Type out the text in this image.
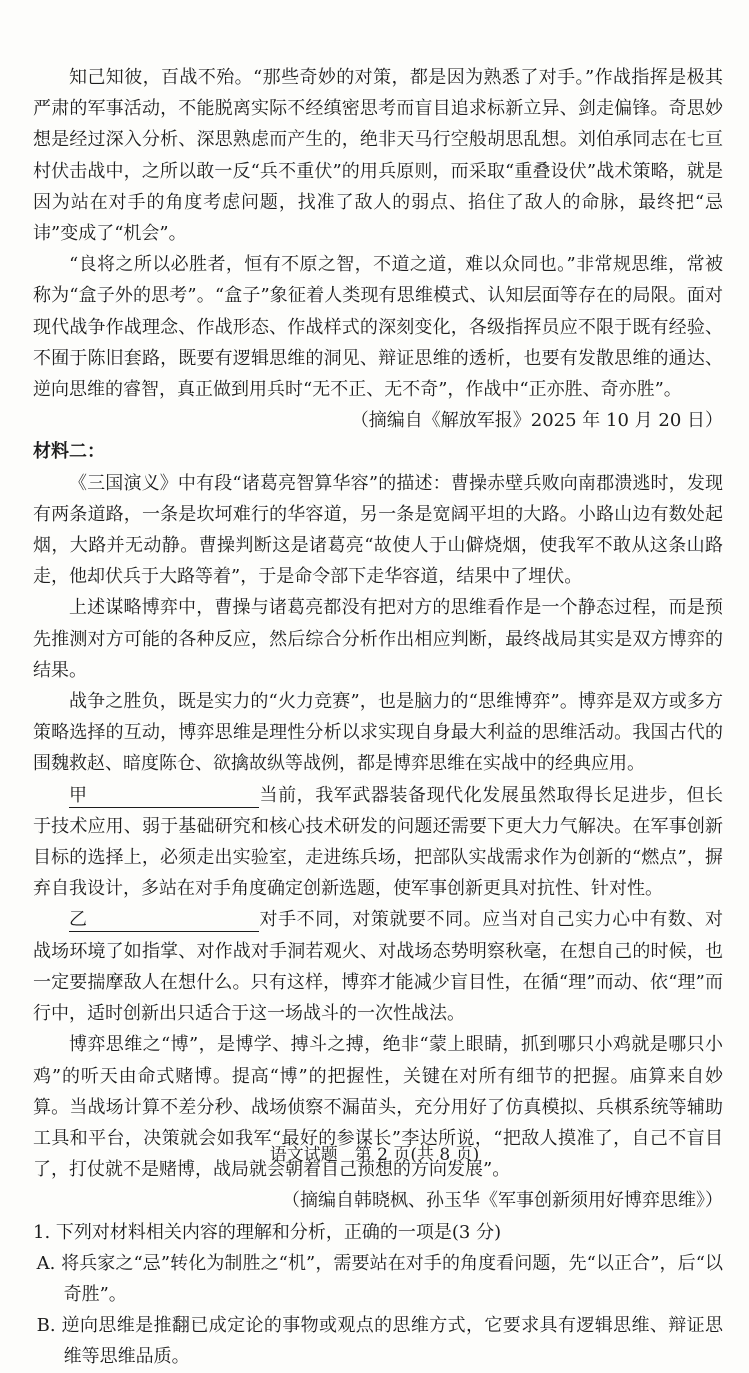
知己知彼，百战不殆。“那些奇妙的对策，都是因为熟悉了对手。”作战指挥是极其严肃的军事活动，不能脱离实际不经缜密思考而盲目追求标新立异、剑走偏锋。奇思妙想是经过深入分析、深思熟虑而产生的，绝非天马行空般胡思乱想。刘伯承同志在七亘村伏击战中，之所以敢一反“兵不重伏”的用兵原则，而采取“重叠设伏”战术策略，就是因为站在对手的角度考虑问题，找准了敌人的弱点、掐住了敌人的命脉，最终把“忌讳”变成了“机会”。

“良将之所以必胜者，恒有不原之智，不道之道，难以众同也。”非常规思维，常被称为“盒子外的思考”。“盒子”象征着人类现有思维模式、认知层面等存在的局限。面对现代战争作战理念、作战形态、作战样式的深刻变化，各级指挥员应不限于既有经验、不囿于陈旧套路，既要有逻辑思维的洞见、辩证思维的透析，也要有发散思维的通达、逆向思维的睿智，真正做到用兵时“无不正、无不奇”，作战中“正亦胜、奇亦胜”。

（摘编自《解放军报》2025 年 10 月 20 日）

材料二：

《三国演义》中有段“诸葛亮智算华容”的描述：曹操赤壁兵败向南郡溃逃时，发现有两条道路，一条是坎坷难行的华容道，另一条是宽阔平坦的大路。小路山边有数处起烟，大路并无动静。曹操判断这是诸葛亮“故使人于山僻烧烟，使我军不敢从这条山路走，他却伏兵于大路等着”，于是命令部下走华容道，结果中了埋伏。

上述谋略博弈中，曹操与诸葛亮都没有把对方的思维看作是一个静态过程，而是预先推测对方可能的各种反应，然后综合分析作出相应判断，最终战局其实是双方博弈的结果。

战争之胜负，既是实力的“火力竞赛”，也是脑力的“思维博弈”。博弈是双方或多方策略选择的互动，博弈思维是理性分析以求实现自身最大利益的思维活动。我国古代的围魏救赵、暗度陈仓、欲擒故纵等战例，都是博弈思维在实战中的经典应用。

甲	当前，我军武器装备现代化发展虽然取得长足进步，但长于技术应用、弱于基础研究和核心技术研发的问题还需要下更大力气解决。在军事创新目标的选择上，必须走出实验室，走进练兵场，把部队实战需求作为创新的“燃点”，摒弃自我设计，多站在对手角度确定创新选题，使军事创新更具对抗性、针对性。

乙	对手不同，对策就要不同。应当对自己实力心中有数、对战场环境了如指掌、对作战对手洞若观火、对战场态势明察秋毫，在想自己的时候，也一定要揣摩敌人在想什么。只有这样，博弈才能减少盲目性，在循“理”而动、依“理”而行中，适时创新出只适合于这一场战斗的一次性战法。

博弈思维之“博”，是博学、搏斗之搏，绝非“蒙上眼睛，抓到哪只小鸡就是哪只小鸡”的听天由命式赌博。提高“博”的把握性，关键在对所有细节的把握。庙算来自妙算。当战场计算不差分秒、战场侦察不漏苗头，充分用好了仿真模拟、兵棋系统等辅助工具和平台，决策就会如我军“最好的参谋长”李达所说，“把敌人摸准了，自己不盲目了，打仗就不是赌博，战局就会朝着自己预想的方向发展”。

（摘编自韩晓枫、孙玉华《军事创新须用好博弈思维》）

1. 下列对材料相关内容的理解和分析，正确的一项是(3 分)

A. 将兵家之“忌”转化为制胜之“机”，需要站在对手的角度看问题，先“以正合”，后“以奇胜”。

B. 逆向思维是推翻已成定论的事物或观点的思维方式，它要求具有逻辑思维、辩证思维等思维品质。

语文试题　第 2 页(共 8 页)
